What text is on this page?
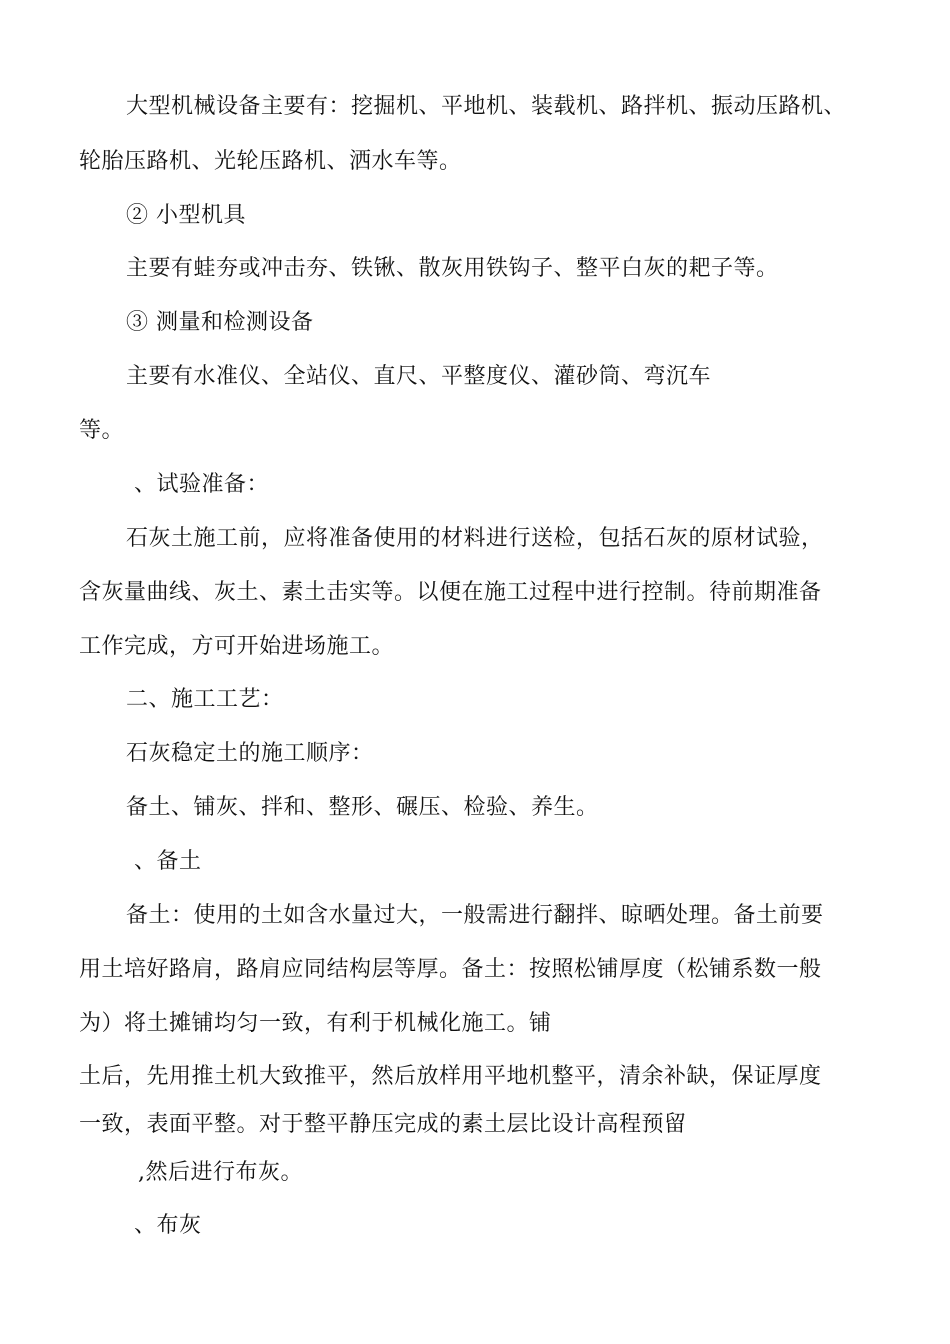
大型机械设备主要有：挖掘机、平地机、装载机、路拌机、振动压路机、
轮胎压路机、光轮压路机、洒水车等。
② 小型机具
主要有蛙夯或冲击夯、铁锹、散灰用铁钩子、整平白灰的耙子等。
③ 测量和检测设备
主要有水准仪、全站仪、直尺、平整度仪、灌砂筒、弯沉车
等。
、试验准备：
石灰土施工前，应将准备使用的材料进行送检，包括石灰的原材试验，
含灰量曲线、灰土、素土击实等。以便在施工过程中进行控制。待前期准备
工作完成，方可开始进场施工。
二、施工工艺：
石灰稳定土的施工顺序：
备土、铺灰、拌和、整形、碾压、检验、养生。
、备土
备土：使用的土如含水量过大，一般需进行翻拌、晾晒处理。备土前要
用土培好路肩，路肩应同结构层等厚。备土：按照松铺厚度（松铺系数一般
为）将土摊铺均匀一致，有利于机械化施工。铺
土后，先用推土机大致推平，然后放样用平地机整平，清余补缺，保证厚度
一致，表面平整。对于整平静压完成的素土层比设计高程预留
,然后进行布灰。
、布灰
